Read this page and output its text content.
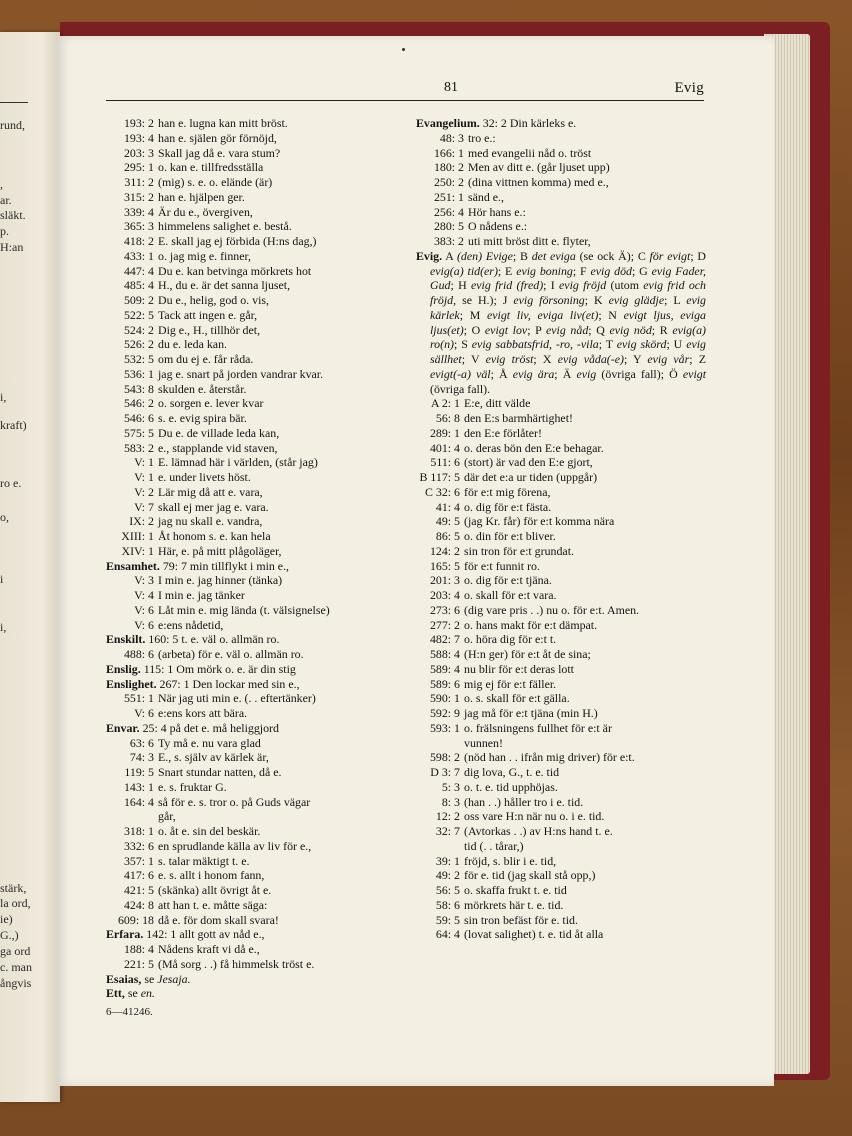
rund,
,
ar.
släkt.
p.
H:an
i,
kraft)
ro e.
o,
i
i,
stärk,
la ord,
ie)
G.,)
ga ord
c. man
ångvis
81	Evig
193: 2 han e. lugna kan mitt bröst.
193: 4 han e. själen gör förnöjd,
203: 3 Skall jag då e. vara stum?
295: 1 o. kan e. tillfredsställa
311: 2 (mig) s. e. o. elände (är)
315: 2 han e. hjälpen ger.
339: 4 Är du e., övergiven,
365: 3 himmelens salighet e. bestå.
418: 2 E. skall jag ej förbida (H:ns dag,)
433: 1 o. jag mig e. finner,
447: 4 Du e. kan betvinga mörkrets hot
485: 4 H., du e. är det sanna ljuset,
509: 2 Du e., helig, god o. vis,
522: 5 Tack att ingen e. går,
524: 2 Dig e., H., tillhör det,
526: 2 du e. leda kan.
532: 5 om du ej e. får råda.
536: 1 jag e. snart på jorden vandrar kvar.
543: 8 skulden e. återstår.
546: 2 o. sorgen e. lever kvar
546: 6 s. e. evig spira bär.
575: 5 Du e. de villade leda kan,
583: 2 e., stapplande vid staven,
V: 1 E. lämnad här i världen, (står jag)
V: 1 e. under livets höst.
V: 2 Lär mig då att e. vara,
V: 7 skall ej mer jag e. vara.
IX: 2 jag nu skall e. vandra,
XIII: 1 Åt honom s. e. kan hela
XIV: 1 Här, e. på mitt plågoläger,
Ensamhet. 79: 7 min tillflykt i min e.,
V: 3 I min e. jag hinner (tänka)
V: 4 I min e. jag tänker
V: 6 Låt min e. mig lända (t. välsignelse)
V: 6 e:ens nådetid,
Enskilt. 160: 5 t. e. väl o. allmän ro.
488: 6 (arbeta) för e. väl o. allmän ro.
Enslig. 115: 1 Om mörk o. e. är din stig
Enslighet. 267: 1 Den lockar med sin e.,
551: 1 När jag uti min e. (. . eftertänker)
V: 6 e:ens kors att bära.
Envar. 25: 4 på det e. må heliggjord
63: 6 Ty må e. nu vara glad
74: 3 E., s. själv av kärlek är,
119: 5 Snart stundar natten, då e.
143: 1 e. s. fruktar G.
164: 4 så för e. s. tror o. på Guds vägar
går,
318: 1 o. åt e. sin del beskär.
332: 6 en sprudlande källa av liv för e.,
357: 1 s. talar mäktigt t. e.
417: 6 e. s. allt i honom fann,
421: 5 (skänka) allt övrigt åt e.
424: 8 att han t. e. måtte säga:
609: 18 då e. för dom skall svara!
Erfara. 142: 1 allt gott av nåd e.,
188: 4 Nådens kraft vi då e.,
221: 5 (Må sorg . .) få himmelsk tröst e.
Esaias, se Jesaja.
Ett, se en.
Evangelium. 32: 2 Din kärleks e.
48: 3 tro e.:
166: 1 med evangelii nåd o. tröst
180: 2 Men av ditt e. (går ljuset upp)
250: 2 (dina vittnen komma) med e.,
251: 1 sänd e.,
256: 4 Hör hans e.:
280: 5 O nådens e.:
383: 2 uti mitt bröst ditt e. flyter,
Evig. A (den) Evige; B det eviga (se ock Ä); C för evigt; D evig(a) tid(er); E evig boning; F evig död; G evig Fader, Gud; H evig frid (fred); I evig fröjd (utom evig frid och fröjd, se H.); J evig försoning; K evig glädje; L evig kärlek; M evigt liv, eviga liv(et); N evigt ljus, eviga ljus(et); O evigt lov; P evig nåd; Q evig nöd; R evig(a) ro(n); S evig sabbatsfrid, -ro, -vila; T evig skörd; U evig sällhet; V evig tröst; X evig våda(-e); Y evig vår; Z evigt(-a) väl; Å evig ära; Ä evig (övriga fall); Ö evigt (övriga fall).
A 2: 1 E:e, ditt välde
56: 8 den E:s barmhärtighet!
289: 1 den E:e förlåter!
401: 4 o. deras bön den E:e behagar.
511: 6 (stort) är vad den E:e gjort,
B 117: 5 där det e:a ur tiden (uppgår)
C 32: 6 för e:t mig förena,
41: 4 o. dig för e:t fästa.
49: 5 (jag Kr. får) för e:t komma nära
86: 5 o. din för e:t bliver.
124: 2 sin tron för e:t grundat.
165: 5 för e:t funnit ro.
201: 3 o. dig för e:t tjäna.
203: 4 o. skall för e:t vara.
273: 6 (dig vare pris . .) nu o. för e:t. Amen.
277: 2 o. hans makt för e:t dämpat.
482: 7 o. höra dig för e:t t.
588: 4 (H:n ger) för e:t åt de sina;
589: 4 nu blir för e:t deras lott
589: 6 mig ej för e:t fäller.
590: 1 o. s. skall för e:t gälla.
592: 9 jag må för e:t tjäna (min H.)
593: 1 o. frälsningens fullhet för e:t är
vunnen!
598: 2 (nöd han . . ifrån mig driver) för e:t.
D 3: 7 dig lova, G., t. e. tid
5: 3 o. t. e. tid upphöjas.
8: 3 (han . .) håller tro i e. tid.
12: 2 oss vare H:n när nu o. i e. tid.
32: 7 (Avtorkas . .) av H:ns hand t. e.
tid (. . tårar,)
39: 1 fröjd, s. blir i e. tid,
49: 2 för e. tid (jag skall stå opp,)
56: 5 o. skaffa frukt t. e. tid
58: 6 mörkrets här t. e. tid.
59: 5 sin tron befäst för e. tid.
64: 4 (lovat salighet) t. e. tid åt alla
6—41246.
